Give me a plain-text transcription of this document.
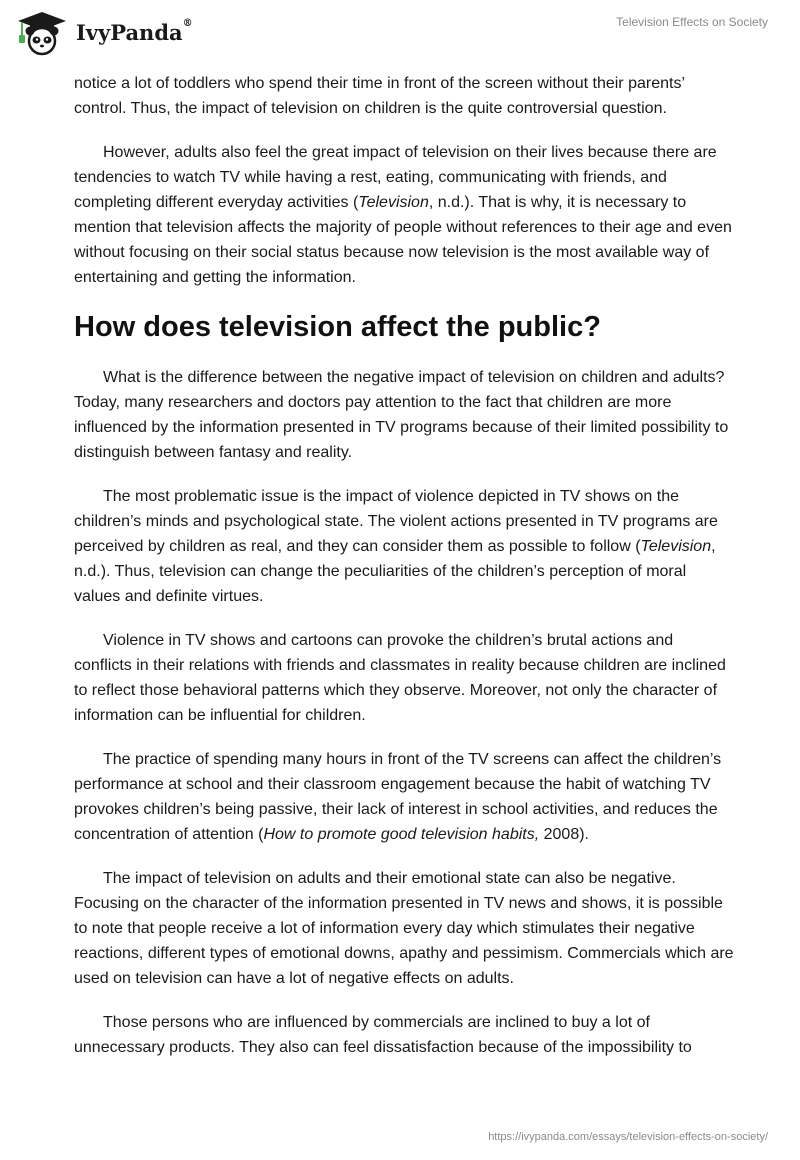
IvyPanda®	Television Effects on Society

notice a lot of toddlers who spend their time in front of the screen without their parents’ control. Thus, the impact of television on children is the quite controversial question.

However, adults also feel the great impact of television on their lives because there are tendencies to watch TV while having a rest, eating, communicating with friends, and completing different everyday activities (Television, n.d.). That is why, it is necessary to mention that television affects the majority of people without references to their age and even without focusing on their social status because now television is the most available way of entertaining and getting the information.

How does television affect the public?

What is the difference between the negative impact of television on children and adults? Today, many researchers and doctors pay attention to the fact that children are more influenced by the information presented in TV programs because of their limited possibility to distinguish between fantasy and reality.

The most problematic issue is the impact of violence depicted in TV shows on the children’s minds and psychological state. The violent actions presented in TV programs are perceived by children as real, and they can consider them as possible to follow (Television, n.d.). Thus, television can change the peculiarities of the children’s perception of moral values and definite virtues.

Violence in TV shows and cartoons can provoke the children’s brutal actions and conflicts in their relations with friends and classmates in reality because children are inclined to reflect those behavioral patterns which they observe. Moreover, not only the character of information can be influential for children.

The practice of spending many hours in front of the TV screens can affect the children’s performance at school and their classroom engagement because the habit of watching TV provokes children’s being passive, their lack of interest in school activities, and reduces the concentration of attention (How to promote good television habits, 2008).

The impact of television on adults and their emotional state can also be negative. Focusing on the character of the information presented in TV news and shows, it is possible to note that people receive a lot of information every day which stimulates their negative reactions, different types of emotional downs, apathy and pessimism. Commercials which are used on television can have a lot of negative effects on adults.

Those persons who are influenced by commercials are inclined to buy a lot of unnecessary products. They also can feel dissatisfaction because of the impossibility to

https://ivypanda.com/essays/television-effects-on-society/
